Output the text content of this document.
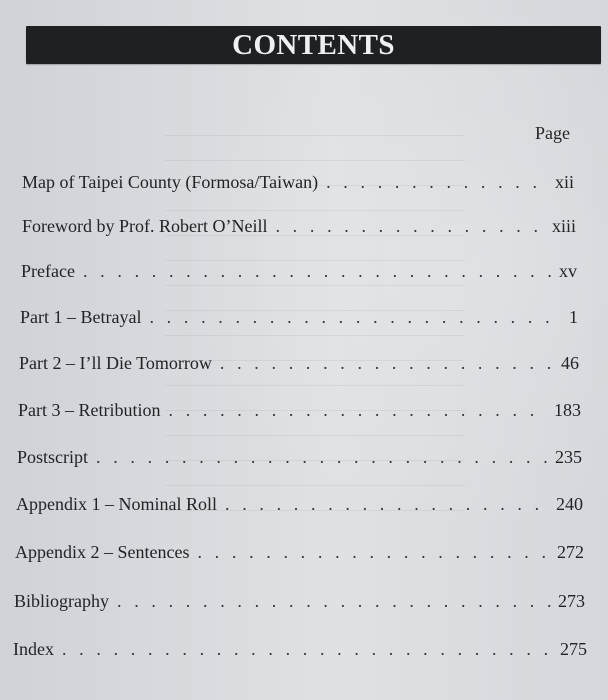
CONTENTS
Page
Map of Taipei County (Formosa/Taiwan) . . .	xii
Foreword by Prof. Robert O’Neill . . .	xiii
Preface . . .	xv
Part 1 – Betrayal . . .	1
Part 2 – I’ll Die Tomorrow . . .	46
Part 3 – Retribution . . .	183
Postscript . . .	235
Appendix 1 – Nominal Roll . . .	240
Appendix 2 – Sentences . . .	272
Bibliography . . .	273
Index . . .	275
